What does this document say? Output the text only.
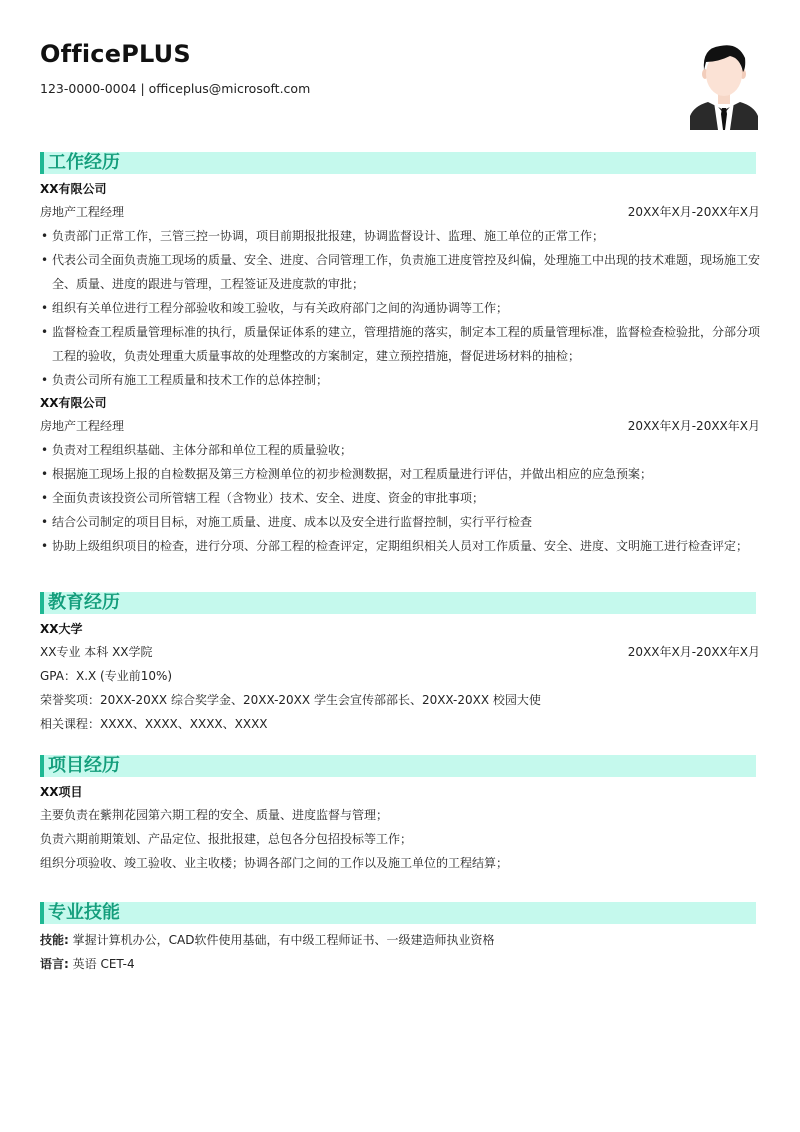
OfficePLUS
123-0000-0004 | officeplus@microsoft.com
工作经历
XX有限公司
房地产工程经理	20XX年X月-20XX年X月
• 负责部门正常工作，三管三控一协调，项目前期报批报建，协调监督设计、监理、施工单位的正常工作；
• 代表公司全面负责施工现场的质量、安全、进度、合同管理工作，负责施工进度管控及纠偏，处理施工中出现的技术难题，现场施工安全、质量、进度的跟进与管理，工程签证及进度款的审批；
• 组织有关单位进行工程分部验收和竣工验收，与有关政府部门之间的沟通协调等工作；
• 监督检查工程质量管理标准的执行，质量保证体系的建立，管理措施的落实，制定本工程的质量管理标准，监督检查检验批，分部分项工程的验收，负责处理重大质量事故的处理整改的方案制定，建立预控措施，督促进场材料的抽检；
• 负责公司所有施工工程质量和技术工作的总体控制；
XX有限公司
房地产工程经理	20XX年X月-20XX年X月
• 负责对工程组织基础、主体分部和单位工程的质量验收；
• 根据施工现场上报的自检数据及第三方检测单位的初步检测数据，对工程质量进行评估，并做出相应的应急预案；
• 全面负责该投资公司所管辖工程（含物业）技术、安全、进度、资金的审批事项；
• 结合公司制定的项目目标，对施工质量、进度、成本以及安全进行监督控制，实行平行检查
• 协助上级组织项目的检查，进行分项、分部工程的检查评定，定期组织相关人员对工作质量、安全、进度、文明施工进行检查评定；
教育经历
XX大学
XX专业 本科 XX学院	20XX年X月-20XX年X月
GPA：X.X (专业前10%)
荣誉奖项：20XX-20XX 综合奖学金、20XX-20XX 学生会宣传部部长、20XX-20XX 校园大使
相关课程：XXXX、XXXX、XXXX、XXXX
项目经历
XX项目
主要负责在紫荆花园第六期工程的安全、质量、进度监督与管理；
负责六期前期策划、产品定位、报批报建，总包各分包招投标等工作；
组织分项验收、竣工验收、业主收楼；协调各部门之间的工作以及施工单位的工程结算；
专业技能
技能: 掌握计算机办公，CAD软件使用基础，有中级工程师证书、一级建造师执业资格
语言: 英语 CET-4
